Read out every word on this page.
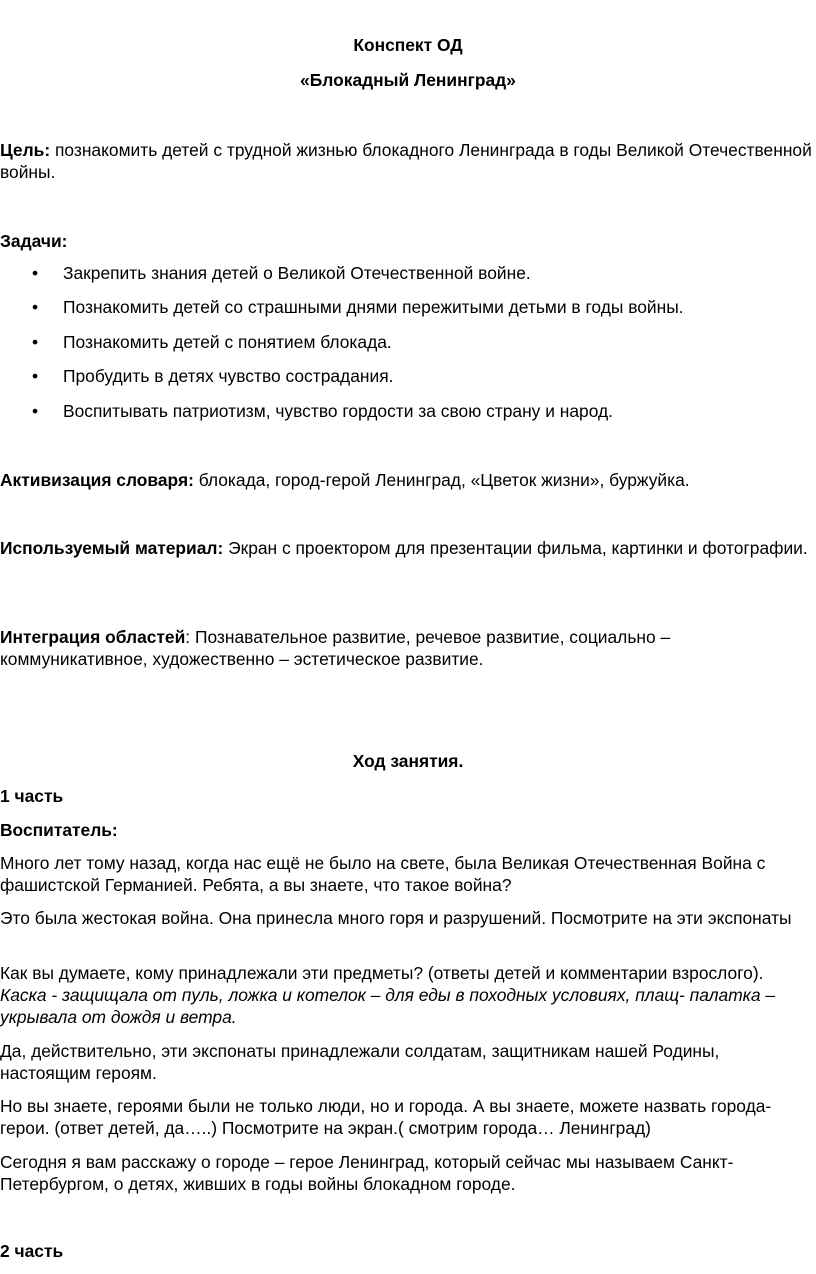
Конспект ОД
«Блокадный Ленинград»
Цель: познакомить детей с трудной жизнью блокадного Ленинграда в годы Великой Отечественной войны.
Задачи:
• Закрепить знания детей о Великой Отечественной войне.
• Познакомить детей со страшными днями пережитыми детьми в годы войны.
• Познакомить детей с понятием блокада.
• Пробудить в детях чувство сострадания.
• Воспитывать патриотизм, чувство гордости за свою страну и народ.
Активизация словаря: блокада, город-герой Ленинград, «Цветок жизни», буржуйка.
Используемый материал: Экран с проектором для презентации фильма, картинки и фотографии.
Интеграция областей: Познавательное развитие, речевое развитие, социально – коммуникативное, художественно – эстетическое развитие.
Ход занятия.
1 часть
Воспитатель:
Много лет тому назад, когда нас ещё не было на свете, была Великая Отечественная Война с фашистской Германией. Ребята, а вы знаете, что такое война?
Это была жестокая война. Она принесла много горя и разрушений. Посмотрите на эти экспонаты
Как вы думаете, кому принадлежали эти предметы? (ответы детей и комментарии взрослого). Каска - защищала от пуль, ложка и котелок – для еды в походных условиях, плащ- палатка – укрывала от дождя и ветра.
Да, действительно, эти экспонаты принадлежали солдатам, защитникам нашей Родины, настоящим героям.
Но вы знаете, героями были не только люди, но и города. А вы знаете, можете назвать города-герои. (ответ детей, да…..) Посмотрите на экран.( смотрим города… Ленинград)
Сегодня я вам расскажу о городе – герое Ленинград, который сейчас мы называем Санкт-Петербургом, о детях, живших в годы войны блокадном городе.
2 часть
